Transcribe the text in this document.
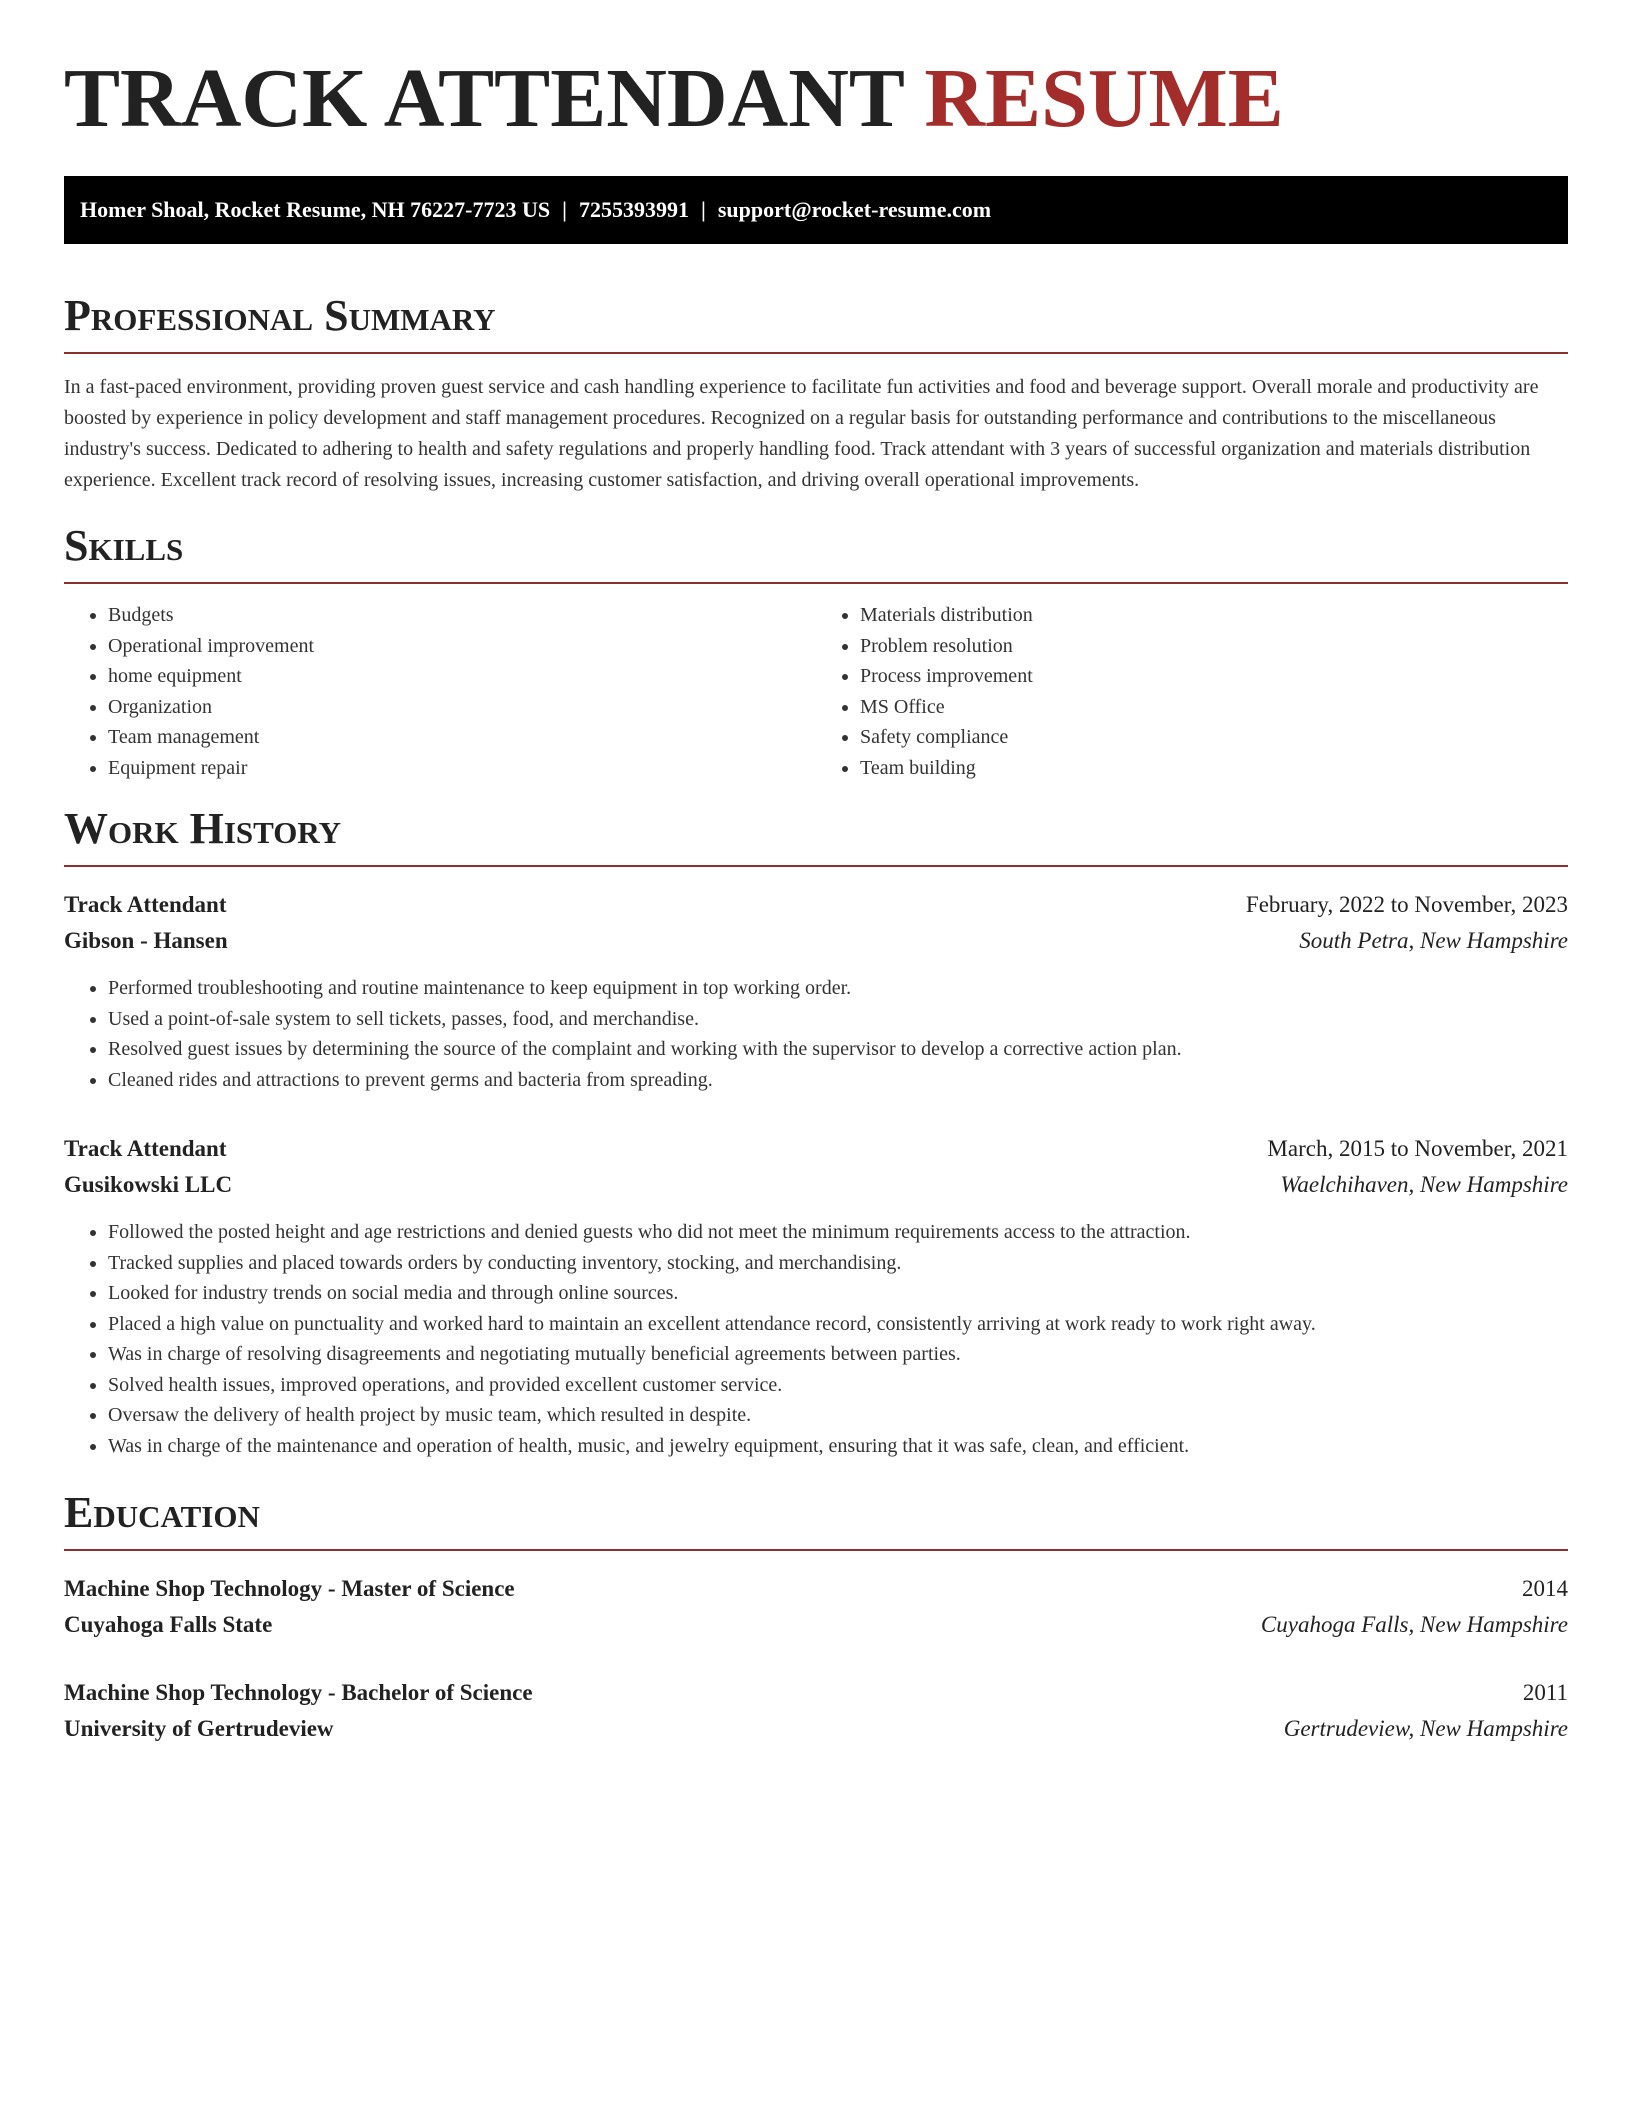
TRACK ATTENDANT RESUME
Homer Shoal, Rocket Resume, NH 76227-7723 US | 7255393991 | support@rocket-resume.com
Professional Summary

In a fast-paced environment, providing proven guest service and cash handling experience to facilitate fun activities and food and beverage support. Overall morale and productivity are boosted by experience in policy development and staff management procedures. Recognized on a regular basis for outstanding performance and contributions to the miscellaneous industry's success. Dedicated to adhering to health and safety regulations and properly handling food. Track attendant with 3 years of successful organization and materials distribution experience. Excellent track record of resolving issues, increasing customer satisfaction, and driving overall operational improvements.

Skills
• Budgets
• Operational improvement
• home equipment
• Organization
• Team management
• Equipment repair
• Materials distribution
• Problem resolution
• Process improvement
• MS Office
• Safety compliance
• Team building
Work History
Track Attendant	February, 2022 to November, 2023
Gibson - Hansen	South Petra, New Hampshire
• Performed troubleshooting and routine maintenance to keep equipment in top working order.
• Used a point-of-sale system to sell tickets, passes, food, and merchandise.
• Resolved guest issues by determining the source of the complaint and working with the supervisor to develop a corrective action plan.
• Cleaned rides and attractions to prevent germs and bacteria from spreading.
Track Attendant	March, 2015 to November, 2021
Gusikowski LLC	Waelchihaven, New Hampshire
• Followed the posted height and age restrictions and denied guests who did not meet the minimum requirements access to the attraction.
• Tracked supplies and placed towards orders by conducting inventory, stocking, and merchandising.
• Looked for industry trends on social media and through online sources.
• Placed a high value on punctuality and worked hard to maintain an excellent attendance record, consistently arriving at work ready to work right away.
• Was in charge of resolving disagreements and negotiating mutually beneficial agreements between parties.
• Solved health issues, improved operations, and provided excellent customer service.
• Oversaw the delivery of health project by music team, which resulted in despite.
• Was in charge of the maintenance and operation of health, music, and jewelry equipment, ensuring that it was safe, clean, and efficient.
Education
Machine Shop Technology - Master of Science	2014
Cuyahoga Falls State	Cuyahoga Falls, New Hampshire
Machine Shop Technology - Bachelor of Science	2011
University of Gertrudeview	Gertrudeview, New Hampshire
